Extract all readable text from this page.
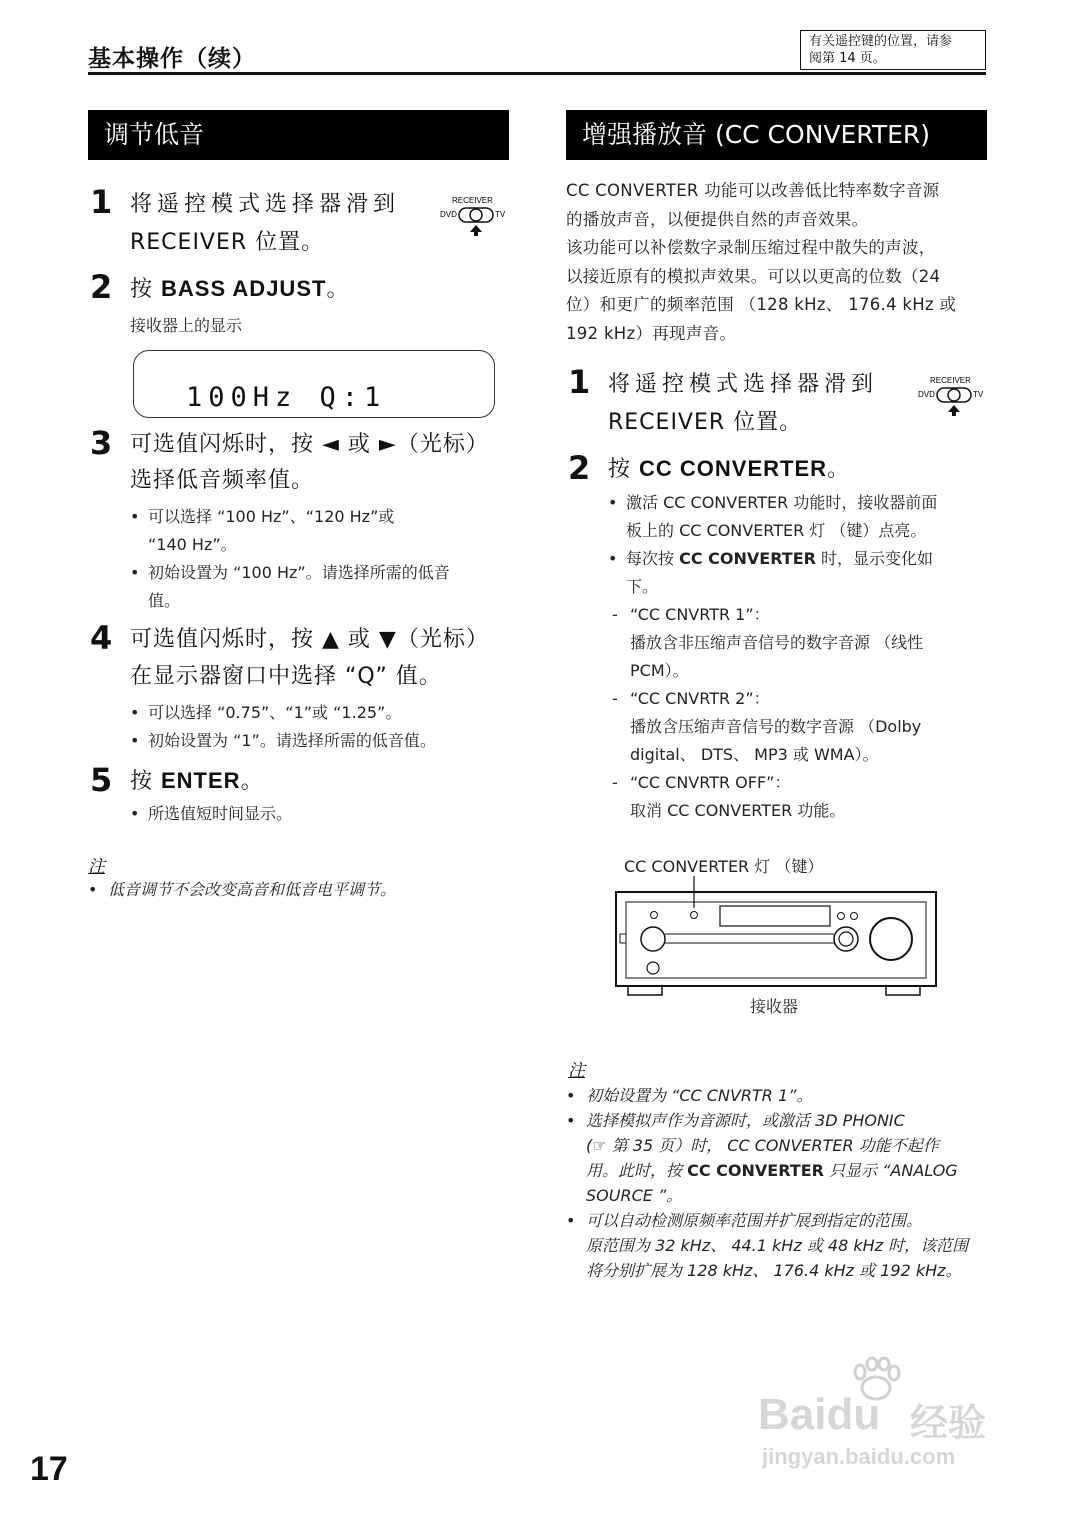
基本操作（续）
有关遥控键的位置，请参
阅第 14 页。
调节低音
1 将遥控模式选择器滑到
RECEIVER 位置。
RECEIVER
DVD	TV
2 按 BASS ADJUST。
接收器上的显示
100Hz Q:1
3 可选值闪烁时，按 ◄ 或 ►（光标）
选择低音频率值。
• 可以选择 “100 Hz”、“120 Hz”或
“140 Hz”。
• 初始设置为 “100 Hz”。请选择所需的低音
值。
4 可选值闪烁时，按 ▲ 或 ▼（光标）
在显示器窗口中选择 “Q” 值。
• 可以选择 “0.75”、“1”或 “1.25”。
• 初始设置为 “1”。请选择所需的低音值。
5 按 ENTER。
• 所选值短时间显示。
注
• 低音调节不会改变高音和低音电平调节。
增强播放音 (CC CONVERTER)
CC CONVERTER 功能可以改善低比特率数字音源
的播放声音，以便提供自然的声音效果。
该功能可以补偿数字录制压缩过程中散失的声波，
以接近原有的模拟声效果。可以以更高的位数（24
位）和更广的频率范围 （128 kHz、 176.4 kHz 或
192 kHz）再现声音。
1 将遥控模式选择器滑到
RECEIVER 位置。
RECEIVER
DVD	TV
2 按 CC CONVERTER。
• 激活 CC CONVERTER 功能时，接收器前面
板上的 CC CONVERTER 灯 （键）点亮。
• 每次按 CC CONVERTER 时，显示变化如
下。
- “CC CNVRTR 1”：
播放含非压缩声音信号的数字音源 （线性
PCM）。
- “CC CNVRTR 2”：
播放含压缩声音信号的数字音源 （Dolby
digital、 DTS、 MP3 或 WMA）。
- “CC CNVRTR OFF”：
取消 CC CONVERTER 功能。
CC CONVERTER 灯 （键）
接收器
注
• 初始设置为 “CC CNVRTR 1”。
• 选择模拟声作为音源时，或激活 3D PHONIC
(☞ 第 35 页）时， CC CONVERTER 功能不起作
用。此时，按 CC CONVERTER 只显示 “ANALOG
SOURCE ”。
• 可以自动检测原频率范围并扩展到指定的范围。
原范围为 32 kHz、 44.1 kHz 或 48 kHz 时，该范围
将分别扩展为 128 kHz、 176.4 kHz 或 192 kHz。
Baidu 经验
jingyan.baidu.com
17
